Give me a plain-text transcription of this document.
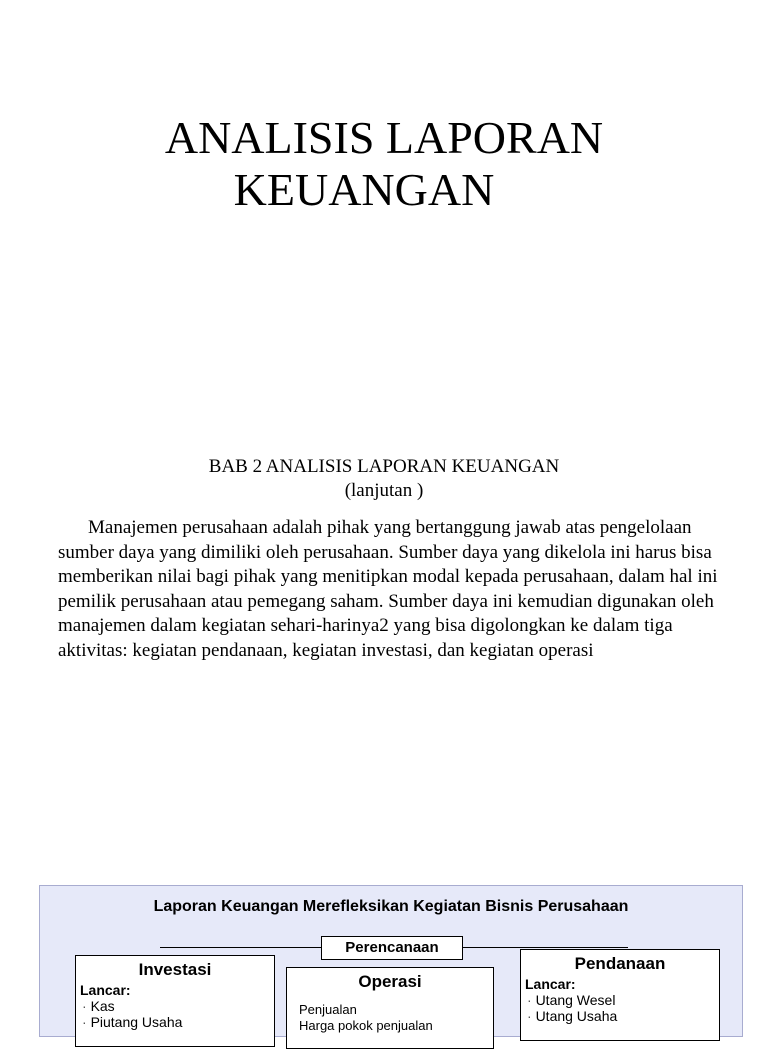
ANALISIS LAPORAN

KEUANGAN
BAB 2 ANALISIS LAPORAN KEUANGAN
(lanjutan )

Manajemen perusahaan adalah pihak yang bertanggung jawab atas pengelolaan sumber daya yang dimiliki oleh perusahaan. Sumber daya yang dikelola ini harus bisa memberikan nilai bagi pihak yang menitipkan modal kepada perusahaan, dalam hal ini pemilik perusahaan atau pemegang saham. Sumber daya ini kemudian digunakan oleh manajemen dalam kegiatan sehari-harinya2 yang bisa digolongkan ke dalam tiga aktivitas: kegiatan pendanaan, kegiatan investasi, dan kegiatan operasi

Laporan Keuangan Merefleksikan Kegiatan Bisnis Perusahaan
Perencanaan
Investasi
Lancar:
· Kas
· Piutang Usaha
Operasi
Penjualan
Harga pokok penjualan
Pendanaan
Lancar:
· Utang Wesel
· Utang Usaha
